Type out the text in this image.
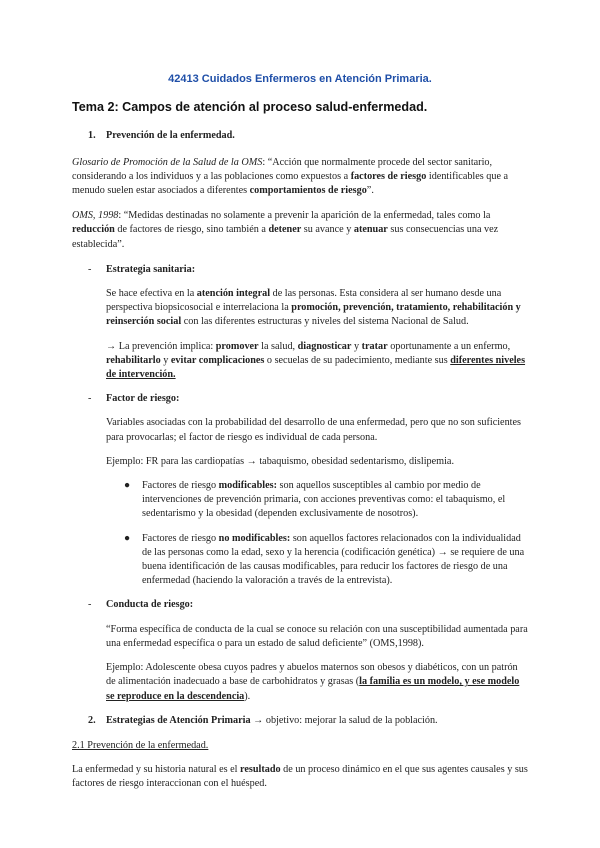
42413 Cuidados Enfermeros en Atención Primaria.

Tema 2: Campos de atención al proceso salud-enfermedad.

1.	Prevención de la enfermedad.

Glosario de Promoción de la Salud de la OMS: “Acción que normalmente procede del sector sanitario, considerando a los individuos y a las poblaciones como expuestos a factores de riesgo identificables que a menudo suelen estar asociados a diferentes comportamientos de riesgo”.

OMS, 1998: “Medidas destinadas no solamente a prevenir la aparición de la enfermedad, tales como la reducción de factores de riesgo, sino también a detener su avance y atenuar sus consecuencias una vez establecida”.

-	Estrategia sanitaria:

Se hace efectiva en la atención integral de las personas. Esta considera al ser humano desde una perspectiva biopsicosocial e interrelaciona la promoción, prevención, tratamiento, rehabilitación y reinserción social con las diferentes estructuras y niveles del sistema Nacional de Salud.

→ La prevención implica: promover la salud, diagnosticar y tratar oportunamente a un enfermo, rehabilitarlo y evitar complicaciones o secuelas de su padecimiento, mediante sus diferentes niveles de intervención.

-	Factor de riesgo:

Variables asociadas con la probabilidad del desarrollo de una enfermedad, pero que no son suficientes para provocarlas; el factor de riesgo es individual de cada persona.

Ejemplo: FR para las cardiopatías → tabaquismo, obesidad sedentarismo, dislipemia.

●	Factores de riesgo modificables: son aquellos susceptibles al cambio por medio de intervenciones de prevención primaria, con acciones preventivas como: el tabaquismo, el sedentarismo y la obesidad (dependen exclusivamente de nosotros).

●	Factores de riesgo no modificables: son aquellos factores relacionados con la individualidad de las personas como la edad, sexo y la herencia (codificación genética) → se requiere de una buena identificación de las causas modificables, para reducir los factores de riesgo de una enfermedad (haciendo la valoración a través de la entrevista).

-	Conducta de riesgo:

“Forma específica de conducta de la cual se conoce su relación con una susceptibilidad aumentada para una enfermedad específica o para un estado de salud deficiente” (OMS,1998).

Ejemplo: Adolescente obesa cuyos padres y abuelos maternos son obesos y diabéticos, con un patrón de alimentación inadecuado a base de carbohidratos y grasas (la familia es un modelo, y ese modelo se reproduce en la descendencia).

2.	Estrategias de Atención Primaria → objetivo: mejorar la salud de la población.

2.1 Prevención de la enfermedad.

La enfermedad y su historia natural es el resultado de un proceso dinámico en el que sus agentes causales y sus factores de riesgo interaccionan con el huésped.
